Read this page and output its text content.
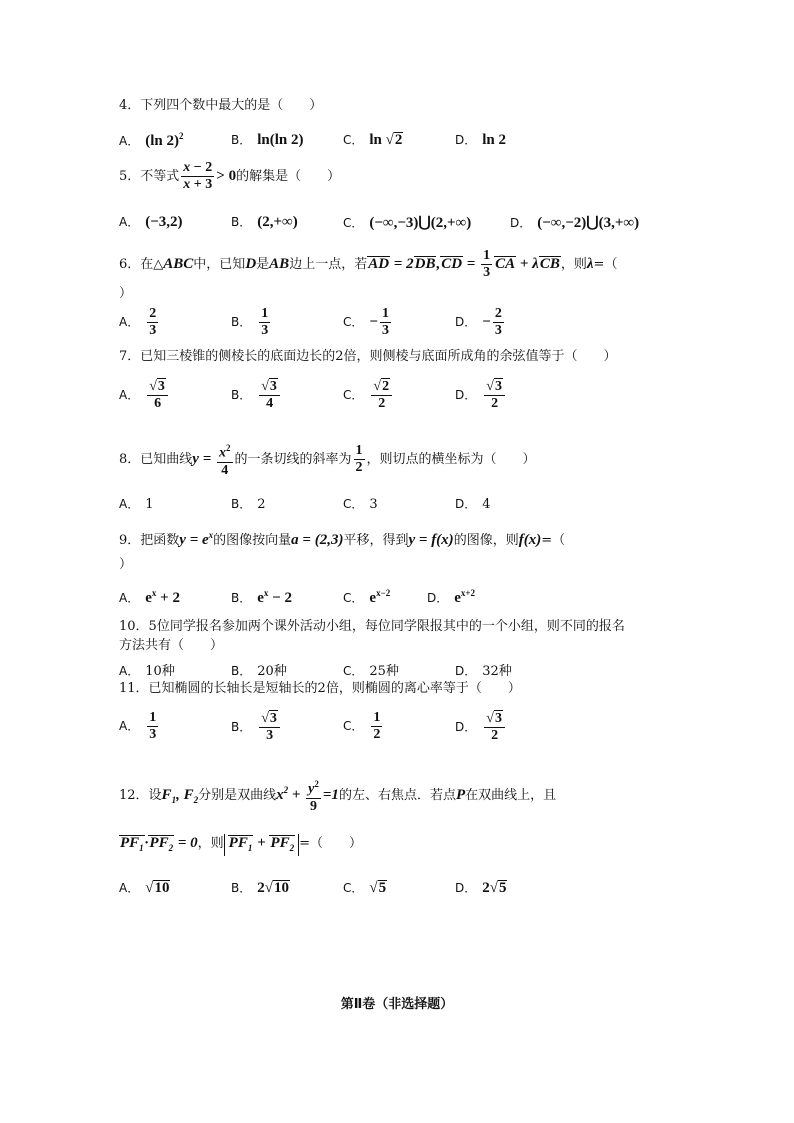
4．下列四个数中最大的是（　　）
A． (ln 2)$^2$	B． ln(ln 2)	C． ln √2	D． ln 2
5．不等式 $\frac{x - 2}{x + 3} > 0$的解集是（　　）
A． (−3,2)	B． (2,+∞)	C． (−∞,−3)⋃(2,+∞)	D． (−∞,−2)⋃(3,+∞)
6．在△ABC中，已知D是AB边上一点，若AD = $2DB,CD = \frac{1}{3}$ CA + λCB，则λ=（
）
A． $\frac{2}{3}$	B． $\frac{1}{3}$	C． − $\frac{1}{3}$	D． − $\frac{2}{3}$
7．已知三棱锥的侧棱长的底面边长的2倍，则侧棱与底面所成角的余弦值等于（　　）
A． $\frac{√3}{6}$	B． $\frac{√3}{4}$	C． $\frac{√2}{2}$	D． $\frac{√3}{2}$
8．已知曲线$y = \frac{x^2}{4}$ 的一条切线的斜率为 $\frac{1}{2}$ ，则切点的横坐标为（　　）
A． 1	B． 2	C． 3	D． 4
9．把函数$y = e^x$的图像按向量a = (2,3)平移，得到y = f(x)的图像，则f(x)=（
）
A． $e^x + 2$	B． $e^x - 2$	C． $e^{x-2}$	D． $e^{x+2}$
10．5位同学报名参加两个课外活动小组，每位同学限报其中的一个小组，则不同的报名
方法共有（　　）
A． 10种	B． 20种	C． 25种	D． 32种
11．已知椭圆的长轴长是短轴长的2倍，则椭圆的离心率等于（　　）
A． $\frac{1}{3}$	B． $\frac{√3}{3}$	C． $\frac{1}{2}$	D． $\frac{√3}{2}$
12．设$F_1$, $F_2$分别是双曲线$x^2 + \frac{y^2}{9} =1$的左、右焦点．若点P在双曲线上，且
$PF_1\cdot PF_2 = 0$，则 $PF_1 + PF_2$ =（　　）
A． √10	B． 2√10	C． √5	D． 2√5
第Ⅱ卷（非选择题）
